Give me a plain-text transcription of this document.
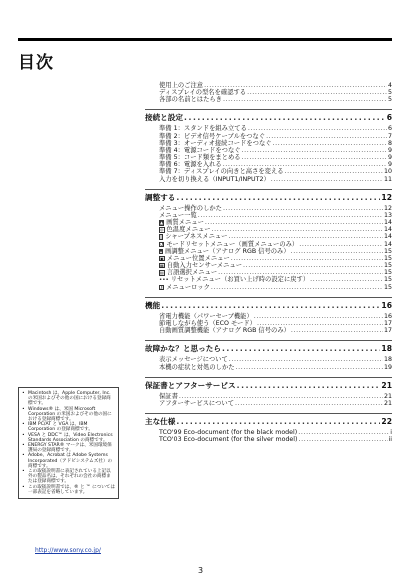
目次
使用上のご注意 .....	4
ディスプレイの型名を確認する .....	5
各部の名前とはたらき .....	5
接続と設定 .....	6
準備 1：スタンドを組み立てる .....	6
準備 2：ビデオ信号ケーブルをつなぐ .....	7
準備 3：オーディオ接続コードをつなぐ .....	8
準備 4：電源コードをつなぐ .....	9
準備 5：コード類をまとめる .....	9
準備 6：電源を入れる .....	9
準備 7：ディスプレイの向きと高さを変える .....	10
入力を切り換える（INPUT1/INPUT2） .....	11
調整する .....	12
メニュー操作のしかた .....	12
メニュー一覧 .....	13
▲ 画質メニュー .....	14
◎ 色温度メニュー .....	14
▯ シャープネスメニュー .....	14
↺ モードリセットメニュー（画質メニューのみ） .....	14
▴ 画調整メニュー（アナログ RGB 信号のみ） .....	15
▣ メニュー位置メニュー .....	15
▦ 自動入力センサーメニュー .....	15
▤ 言語選択メニュー .....	15
••• リセットメニュー（お買い上げ時の設定に戻す） .....	15
⚷ メニューロック .....	15
機能 .....	16
省電力機能（パワーセーブ機能） .....	16
節電しながら使う（ECO モード） .....	17
自動画質調整機能（アナログ RGB 信号のみ） .....	17
故障かな？と思ったら .....	18
表示メッセージについて .....	18
本機の症状と対処のしかた .....	19
保証書とアフターサービス .....	21
保証書 .....	21
アフターサービスについて .....	21
主な仕様 .....	22
TCO'99 Eco-document (for the black model) .....	i
TCO'03 Eco-document (for the silver model) .....	ii
• Macintosh は、Apple Computer, Inc. の米国およびその他の国における登録商標です。
• Windows® は、米国 Microsoft Corporation の米国およびその他の国における登録商標です。
• IBM PC/AT と VGA は、IBM Corporation の登録商標です。
• VESA と DDC™ は、Video Electronics Standards Association の商標です。
• ENERGY STAR® マークは、米国環境保護局の登録商標です。
• Adobe、Acrobat は Adobe Systems Incorporated（アドビシステムズ社）の商標です。
• この取扱説明書に表記されている上記以外の製品名は、それぞれの会社の商標または登録商標です。
• この取扱説明書では、® と ™ については一部表記を省略しています。
http://www.sony.co.jp/
3
